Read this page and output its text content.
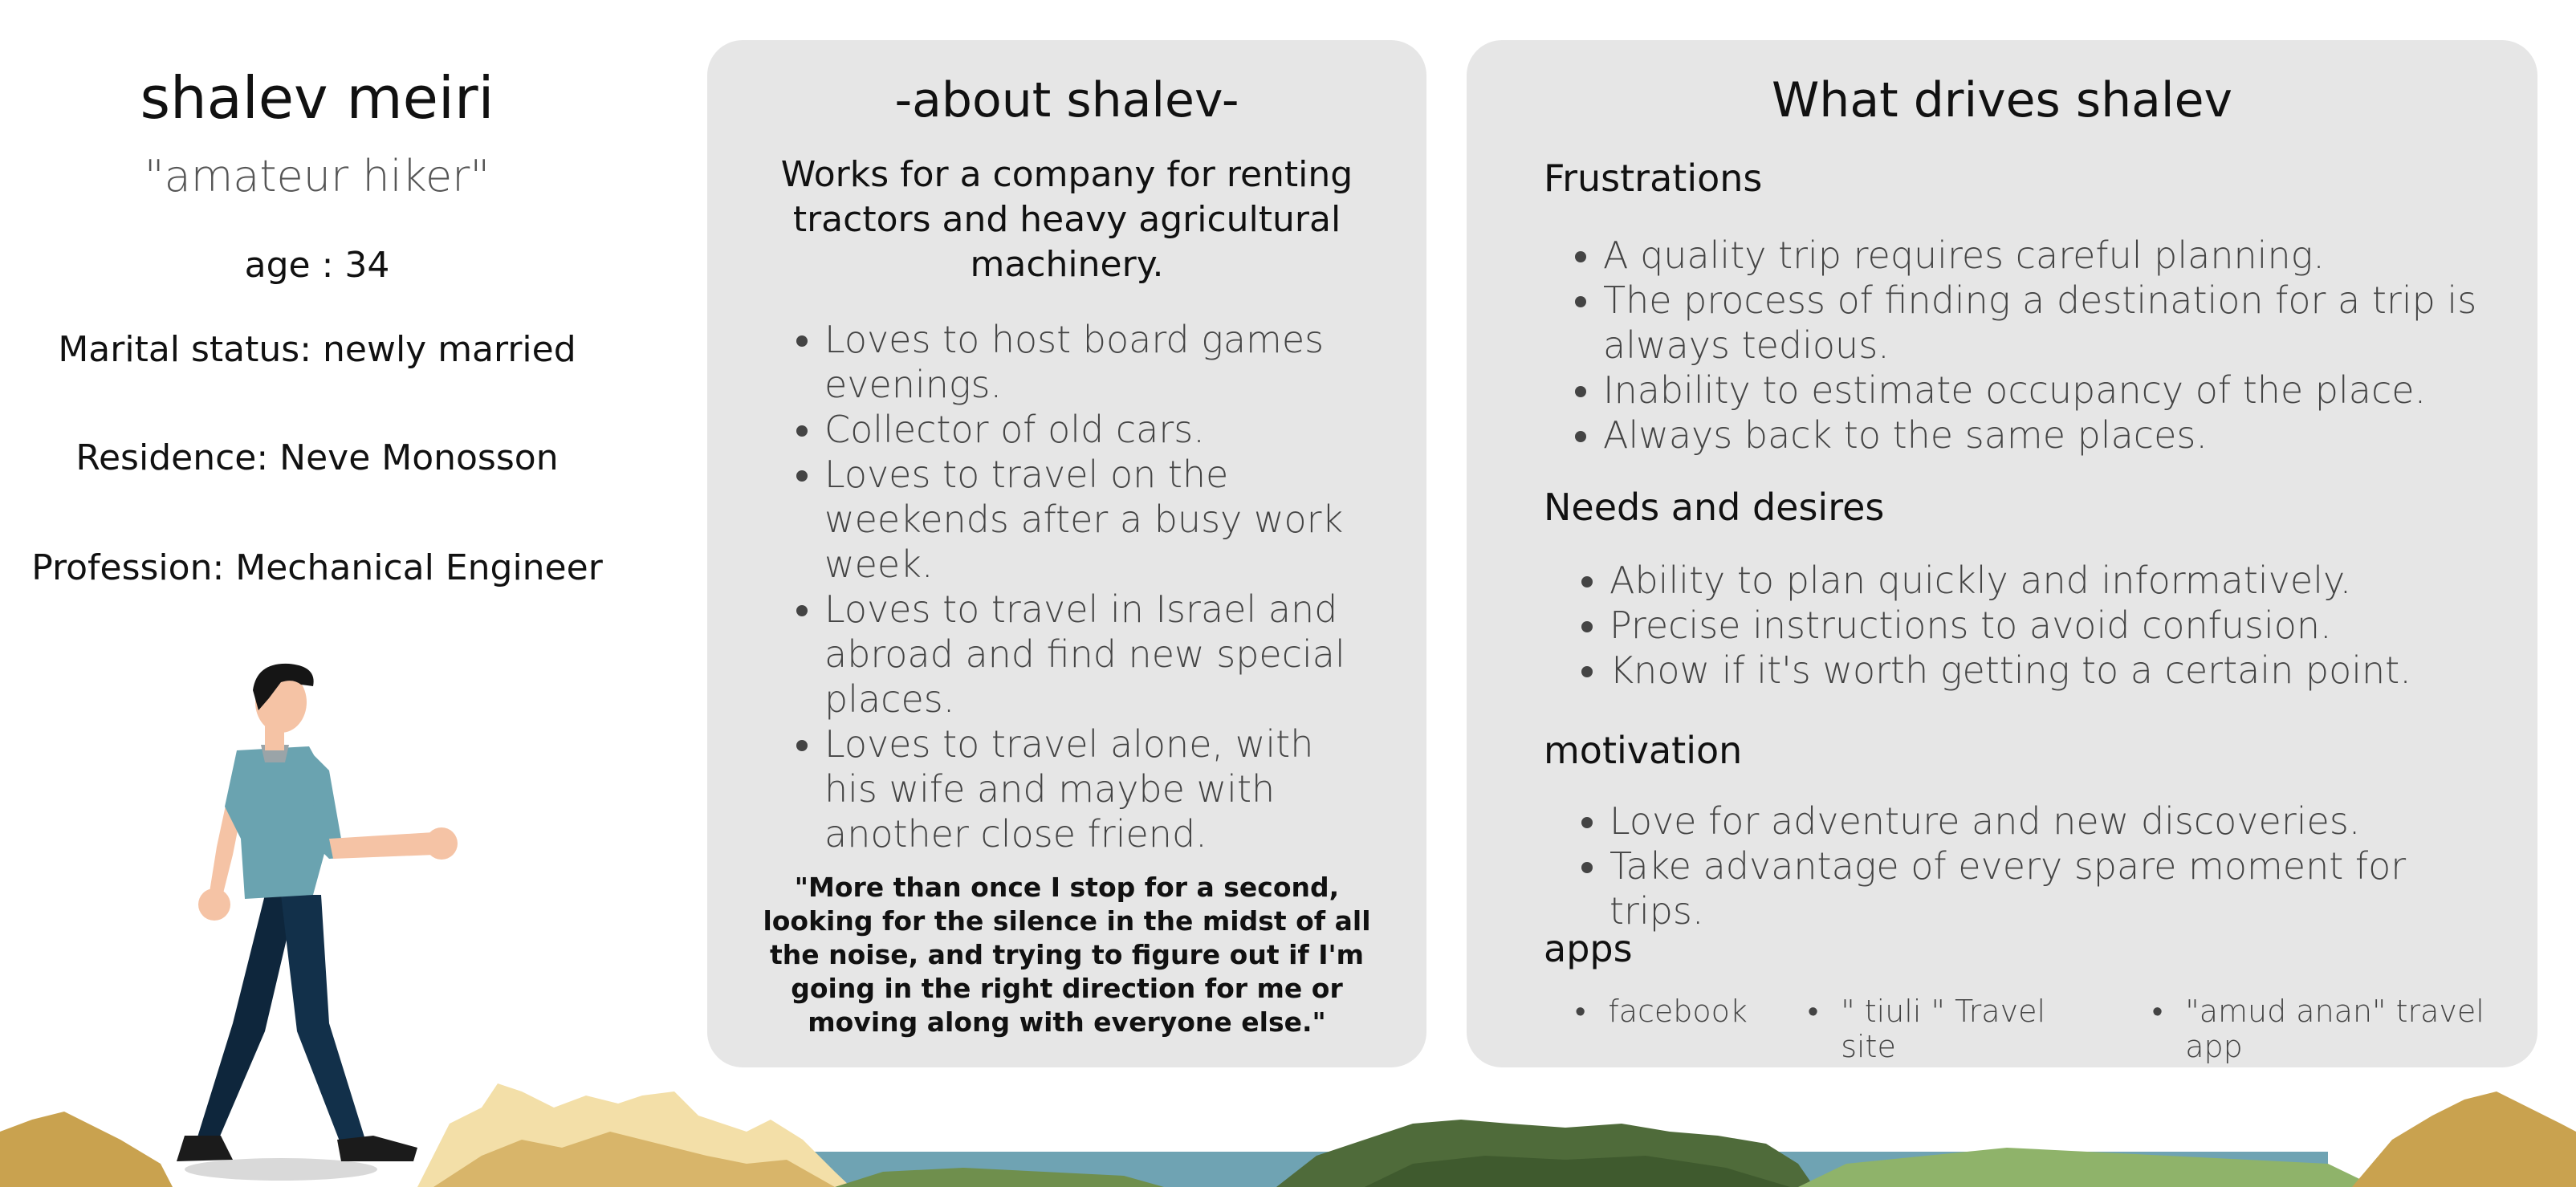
shalev meiri
"amateur hiker"
age : 34
Marital status: newly married
Residence: Neve Monosson
Profession: Mechanical Engineer
-about shalev-
Works for a company for renting tractors and heavy agricultural machinery.
• Loves to host board games evenings.
• Collector of old cars.
• Loves to travel on the weekends after a busy work week.
• Loves to travel in Israel and abroad and find new special places.
• Loves to travel alone, with his wife and maybe with another close friend.
"More than once I stop for a second, looking for the silence in the midst of all the noise, and trying to figure out if I'm going in the right direction for me or moving along with everyone else."
What drives shalev
Frustrations
• A quality trip requires careful planning.
• The process of finding a destination for a trip is always tedious.
• Inability to estimate occupancy of the place.
• Always back to the same places.
Needs and desires
• Ability to plan quickly and informatively.
• Precise instructions to avoid confusion.
• Know if it's worth getting to a certain point.
motivation
• Love for adventure and new discoveries.
• Take advantage of every spare moment for trips.
apps
• facebook • " tiuli " Travel site
• "amud anan" travel app
